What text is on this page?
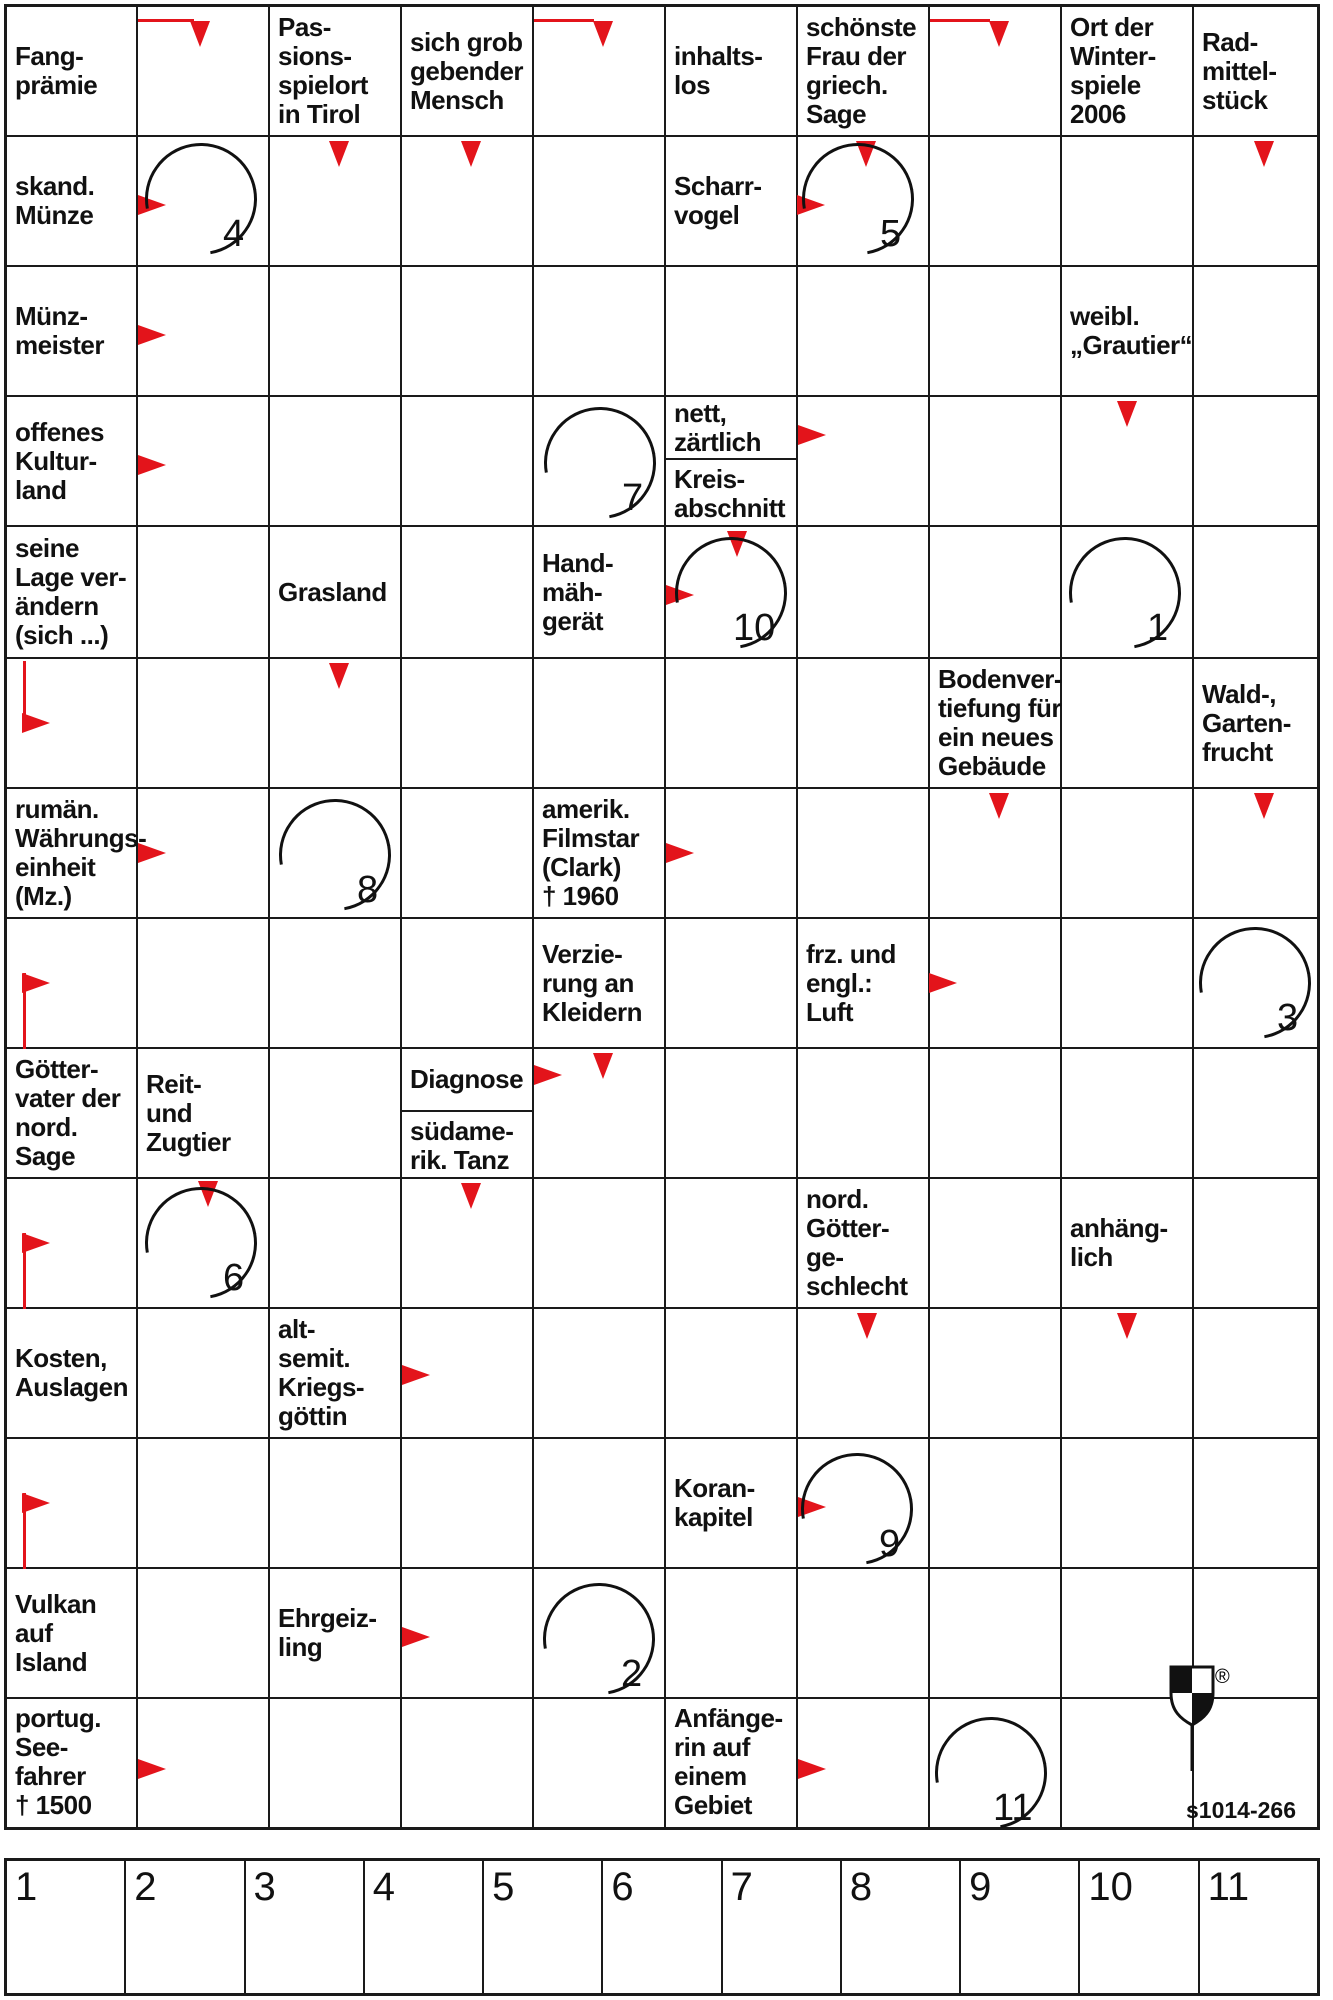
Fang-
prämie
Pas-
sions-
spielort
in Tirol
sich grob
gebender
Mensch
inhalts-
los
schönste
Frau der
griech.
Sage
Ort der
Winter-
spiele
2006
Rad-
mittel-
stück
skand.
Münze
Scharr-
vogel
Münz-
meister
weibl.
„Grautier“
offenes
Kultur-
land
nett,
zärtlich
Kreis-
abschnitt
seine
Lage ver-
ändern
(sich ...)
Grasland
Hand-
mäh-
gerät
Bodenver-
tiefung für
ein neues
Gebäude
Wald-,
Garten-
frucht
rumän.
Währungs-
einheit
(Mz.)
amerik.
Filmstar
(Clark)
† 1960
Verzie-
rung an
Kleidern
frz. und
engl.:
Luft
Götter-
vater der
nord.
Sage
Reit-
und
Zugtier
Diagnose
südame-
rik. Tanz
nord.
Götter-
ge-
schlecht
anhäng-
lich
Kosten,
Auslagen
alt-
semit.
Kriegs-
göttin
Koran-
kapitel
Vulkan
auf
Island
Ehrgeiz-
ling
portug.
See-
fahrer
† 1500
Anfänge-
rin auf
einem
Gebiet
4	5
7
10	1
8
3
6
9
2
11
1 2 3 4 5 6 7 8 9 10 11
®
s1014-266
